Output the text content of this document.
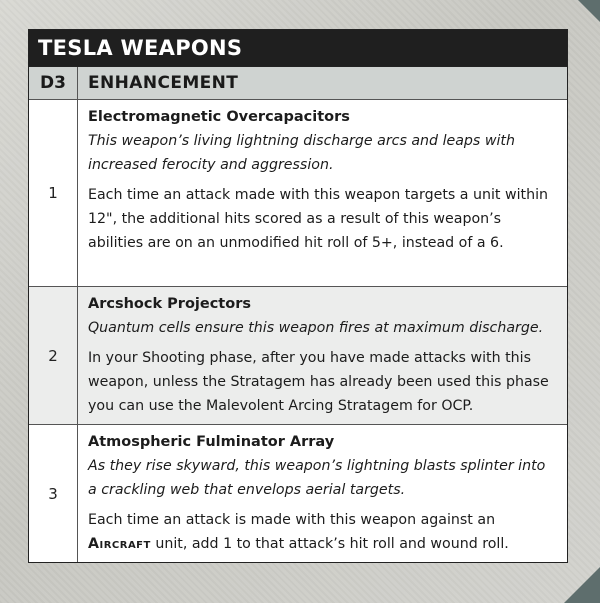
TESLA WEAPONS
D3	ENHANCEMENT
1
Electromagnetic Overcapacitors
This weapon’s living lightning discharge arcs and leaps with increased ferocity and aggression.
Each time an attack made with this weapon targets a unit within 12", the additional hits scored as a result of this weapon’s abilities are on an unmodified hit roll of 5+, instead of a 6.
2
Arcshock Projectors
Quantum cells ensure this weapon fires at maximum discharge.
In your Shooting phase, after you have made attacks with this weapon, unless the Stratagem has already been used this phase you can use the Malevolent Arcing Stratagem for OCP.
3
Atmospheric Fulminator Array
As they rise skyward, this weapon’s lightning blasts splinter into a crackling web that envelops aerial targets.
Each time an attack is made with this weapon against an Aircraft unit, add 1 to that attack’s hit roll and wound roll.
